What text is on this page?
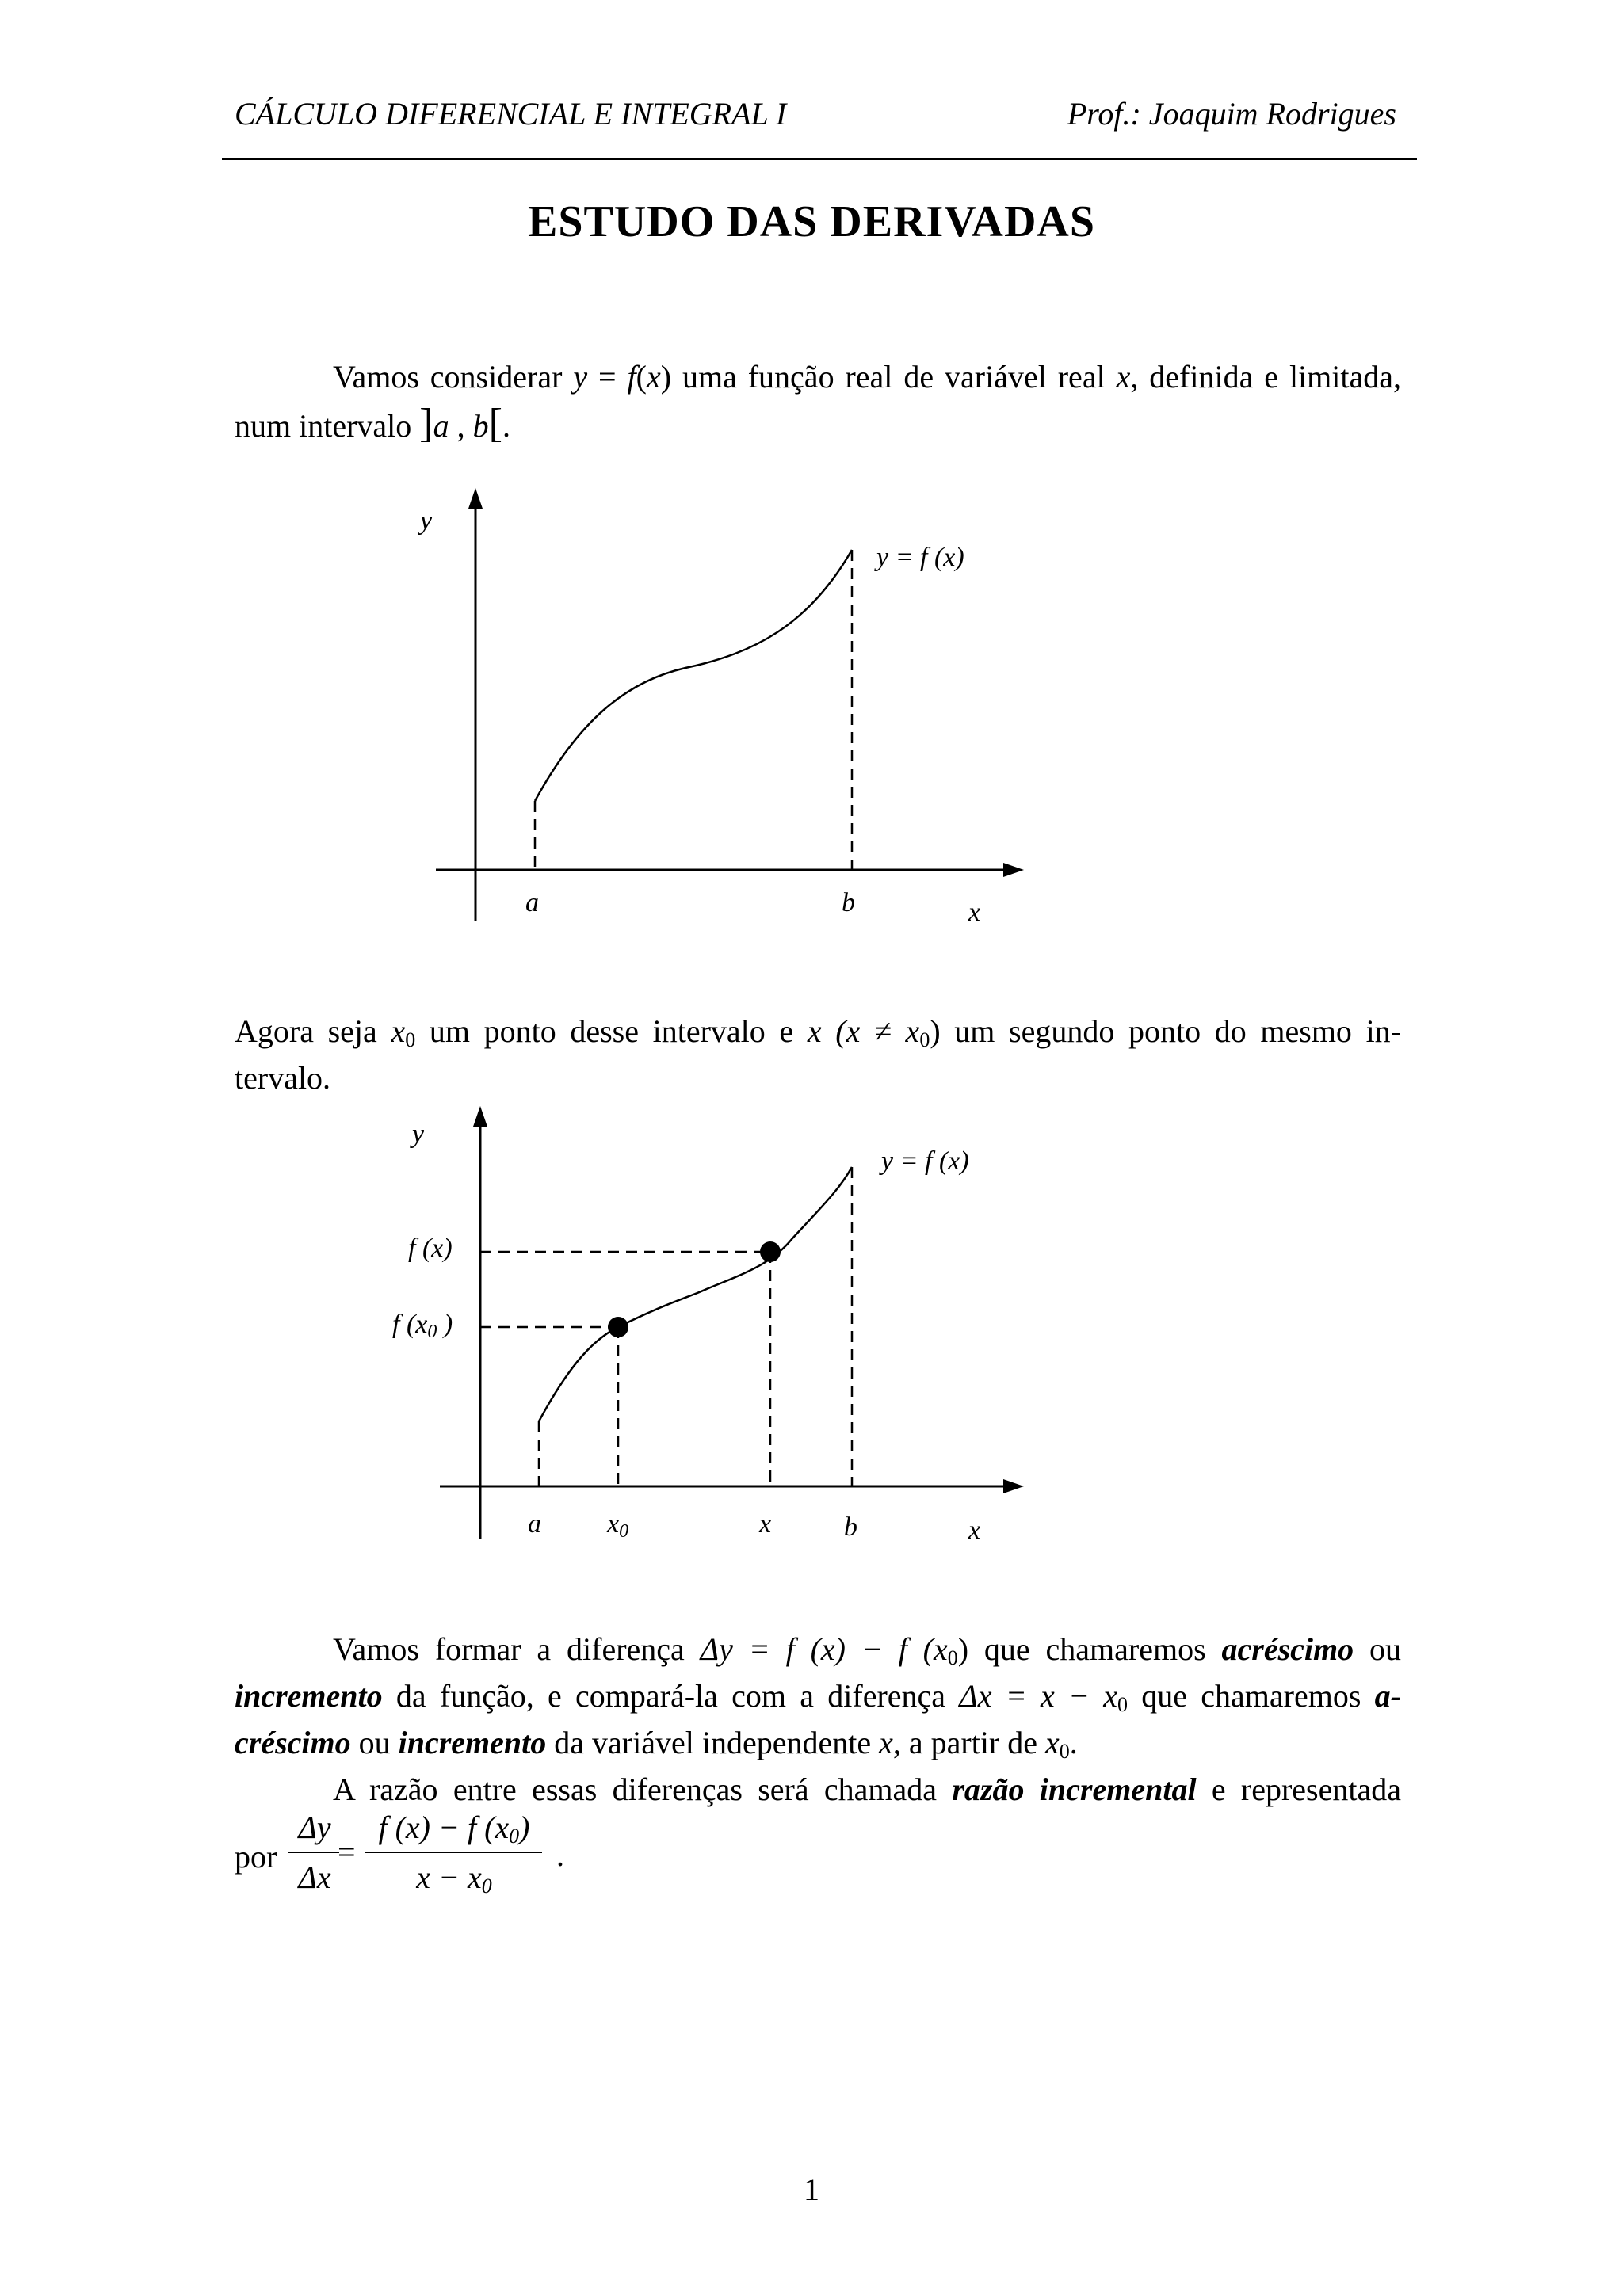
CÁLCULO DIFERENCIAL E INTEGRAL I	Prof.: Joaquim Rodrigues
ESTUDO DAS DERIVADAS
Vamos considerar y = f(x) uma função real de variável real x, definida e limitada,
num intervalo ]a , b[.
y
a	b	x
y = f (x)
Agora seja $x_0$ um ponto desse intervalo e x $(x \ne x_0)$ um segundo ponto do mesmo in-
tervalo.
y
f (x)
f (x0 )
a x0	x	b	x
y = f (x)
Vamos formar a diferença Δy = f (x) − f $(x_0)$ que chamaremos acréscimo ou
incremento da função, e compará-la com a diferença $\Delta x = x - x_0$ que chamaremos a-
créscimo ou incremento da variável independente x, a partir de $x_0$.
A razão entre essas diferenças será chamada razão incremental e representada
por
Δy
Δx
=
f (x) − f $(x_0)$
$x - x_0$
.
1
